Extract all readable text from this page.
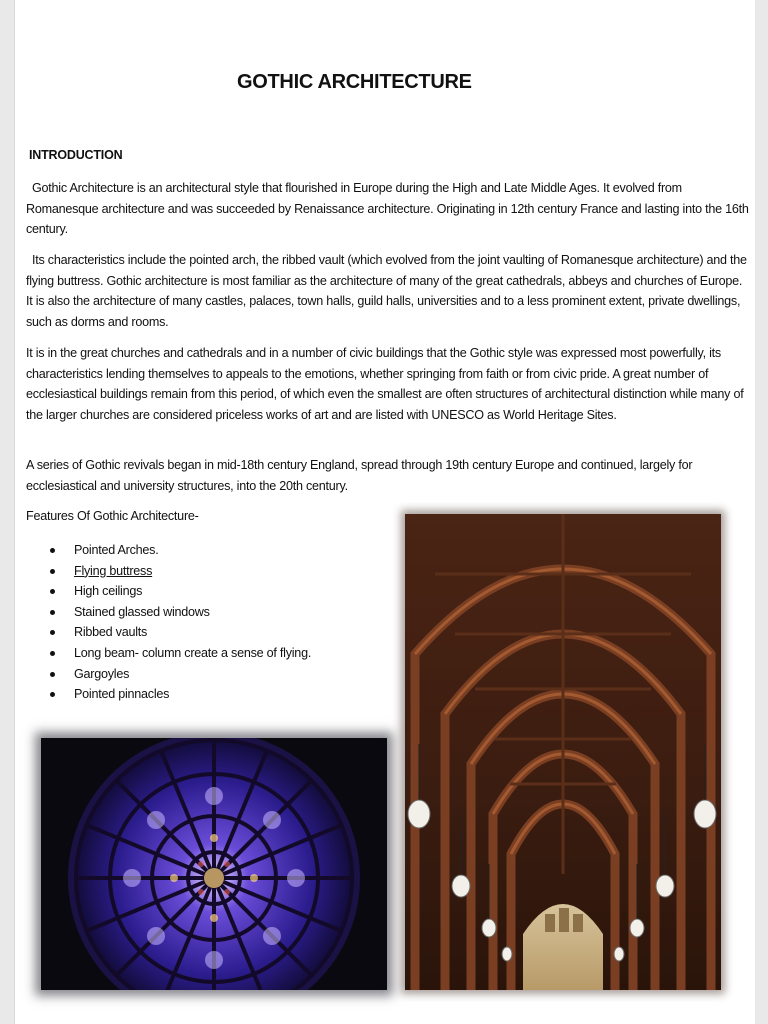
GOTHIC ARCHITECTURE
INTRODUCTION

Gothic Architecture is an architectural style that flourished in Europe during the High and Late Middle Ages. It evolved from Romanesque architecture and was succeeded by Renaissance architecture. Originating in 12th century France and lasting into the 16th century.

Its characteristics include the pointed arch, the ribbed vault (which evolved from the joint vaulting of Romanesque architecture) and the flying buttress. Gothic architecture is most familiar as the architecture of many of the great cathedrals, abbeys and churches of Europe. It is also the architecture of many castles, palaces, town halls, guild halls, universities and to a less prominent extent, private dwellings, such as dorms and rooms.

It is in the great churches and cathedrals and in a number of civic buildings that the Gothic style was expressed most powerfully, its characteristics lending themselves to appeals to the emotions, whether springing from faith or from civic pride. A great number of ecclesiastical buildings remain from this period, of which even the smallest are often structures of architectural distinction while many of the larger churches are considered priceless works of art and are listed with UNESCO as World Heritage Sites.

A series of Gothic revivals began in mid-18th century England, spread through 19th century Europe and continued, largely for ecclesiastical and university structures, into the 20th century.

Features Of Gothic Architecture-
Pointed Arches.
Flying buttress
High ceilings
Stained glassed windows
Ribbed vaults
Long beam- column create a sense of flying.
Gargoyles
Pointed pinnacles
